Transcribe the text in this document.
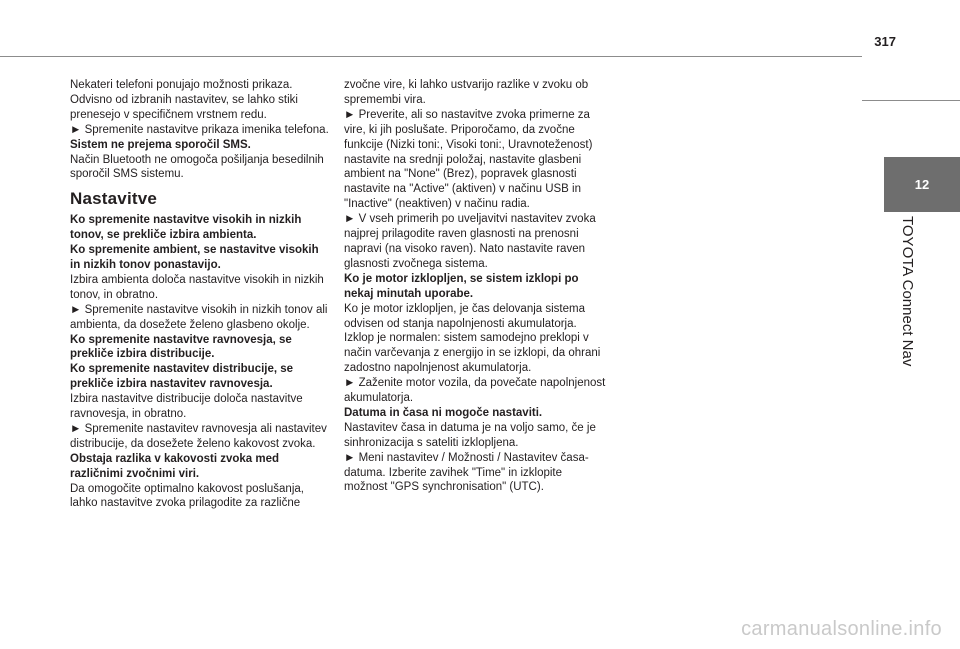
317
12
TOYOTA Connect Nav

Nekateri telefoni ponujajo možnosti prikaza. Odvisno od izbranih nastavitev, se lahko stiki prenesejo v specifičnem vrstnem redu.

► Spremenite nastavitve prikaza imenika telefona.

Sistem ne prejema sporočil SMS.

Način Bluetooth ne omogoča pošiljanja besedilnih sporočil SMS sistemu.

Nastavitve

Ko spremenite nastavitve visokih in nizkih tonov, se prekliče izbira ambienta.

Ko spremenite ambient, se nastavitve visokih in nizkih tonov ponastavijo.

Izbira ambienta določa nastavitve visokih in nizkih tonov, in obratno.

► Spremenite nastavitve visokih in nizkih tonov ali ambienta, da dosežete želeno glasbeno okolje.

Ko spremenite nastavitve ravnovesja, se prekliče izbira distribucije.

Ko spremenite nastavitev distribucije, se prekliče izbira nastavitev ravnovesja.

Izbira nastavitve distribucije določa nastavitve ravnovesja, in obratno.

► Spremenite nastavitev ravnovesja ali nastavitev distribucije, da dosežete želeno kakovost zvoka.

Obstaja razlika v kakovosti zvoka med različnimi zvočnimi viri.

Da omogočite optimalno kakovost poslušanja, lahko nastavitve zvoka prilagodite za različne

zvočne vire, ki lahko ustvarijo razlike v zvoku ob spremembi vira.

► Preverite, ali so nastavitve zvoka primerne za vire, ki jih poslušate. Priporočamo, da zvočne funkcije (Nizki toni:, Visoki toni:, Uravnoteženost) nastavite na srednji položaj, nastavite glasbeni ambient na "None" (Brez), popravek glasnosti nastavite na "Active" (aktiven) v načinu USB in "Inactive" (neaktiven) v načinu radia.

► V vseh primerih po uveljavitvi nastavitev zvoka najprej prilagodite raven glasnosti na prenosni napravi (na visoko raven). Nato nastavite raven glasnosti zvočnega sistema.

Ko je motor izklopljen, se sistem izklopi po nekaj minutah uporabe.

Ko je motor izklopljen, je čas delovanja sistema odvisen od stanja napolnjenosti akumulatorja.

Izklop je normalen: sistem samodejno preklopi v način varčevanja z energijo in se izklopi, da ohrani zadostno napolnjenost akumulatorja.

► Zaženite motor vozila, da povečate napolnjenost akumulatorja.

Datuma in časa ni mogoče nastaviti.

Nastavitev časa in datuma je na voljo samo, če je sinhronizacija s sateliti izklopljena.

► Meni nastavitev / Možnosti / Nastavitev časa-datuma. Izberite zavihek "Time" in izklopite možnost "GPS synchronisation" (UTC).

carmanualsonline.info
